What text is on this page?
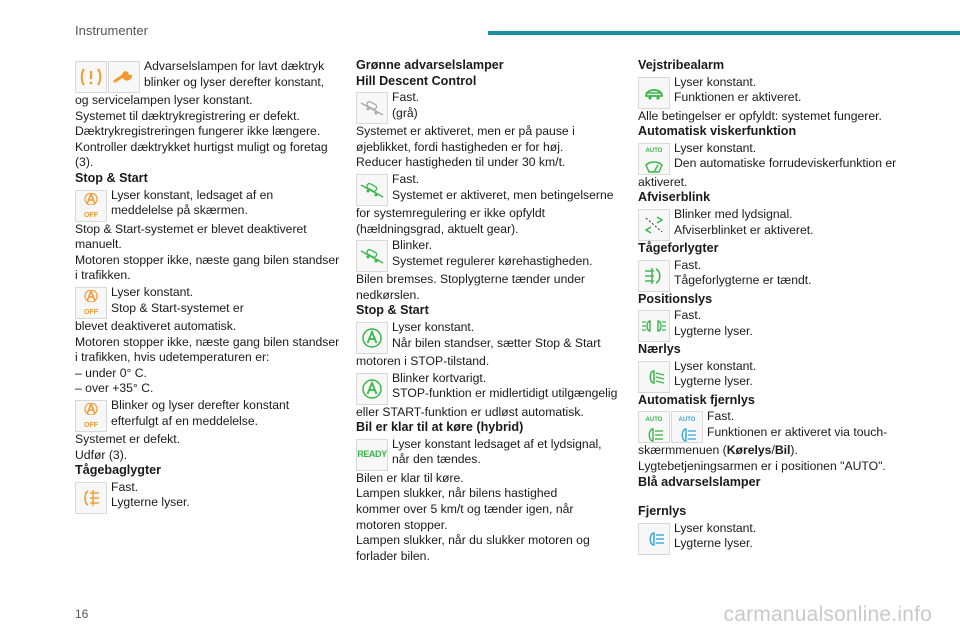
Instrumenter

Advarselslampen for lavt dæktryk

blinker og lyser derefter konstant,

og servicelampen lyser konstant.

Systemet til dæktrykregistrering er defekt.

Dæktrykregistreringen fungerer ikke længere.

Kontroller dæktrykket hurtigst muligt og foretag

(3).

Stop & Start

OFF

Lyser konstant, ledsaget af en

meddelelse på skærmen.

Stop & Start-systemet er blevet deaktiveret

manuelt.

Motoren stopper ikke, næste gang bilen standser

i trafikken.

OFF

Lyser konstant.

Stop & Start-systemet er

blevet deaktiveret automatisk.

Motoren stopper ikke, næste gang bilen standser

i trafikken, hvis udetemperaturen er:

– under 0° C.

– over +35° C.

OFF

Blinker og lyser derefter konstant

efterfulgt af en meddelelse.

Systemet er defekt.

Udfør (3).

Tågebaglygter

Fast.

Lygterne lyser.

Grønne advarselslamper

Hill Descent Control

Fast.

(grå)

Systemet er aktiveret, men er på pause i

øjeblikket, fordi hastigheden er for høj.

Reducer hastigheden til under 30 km/t.

Fast.

Systemet er aktiveret, men betingelserne

for systemregulering er ikke opfyldt

(hældningsgrad, aktuelt gear).

Blinker.

Systemet regulerer kørehastigheden.

Bilen bremses. Stoplygterne tænder under

nedkørslen.

Stop & Start

Lyser konstant.

Når bilen standser, sætter Stop & Start

motoren i STOP-tilstand.

Blinker kortvarigt.

STOP-funktion er midlertidigt utilgængelig

eller START-funktion er udløst automatisk.

Bil er klar til at køre (hybrid)

READY

Lyser konstant ledsaget af et lydsignal,

når den tændes.

Bilen er klar til køre.

Lampen slukker, når bilens hastighed

kommer over 5 km/t og tænder igen, når

motoren stopper.

Lampen slukker, når du slukker motoren og

forlader bilen.

Vejstribealarm

Lyser konstant.

Funktionen er aktiveret.

Alle betingelser er opfyldt: systemet fungerer.

Automatisk viskerfunktion

AUTO Lyser konstant.

Den automatiske forrudeviskerfunktion er

aktiveret.

Afviserblink

Blinker med lydsignal.

Afviserblinket er aktiveret.

Tågeforlygter

Fast.

Tågeforlygterne er tændt.

Positionslys

Fast.

Lygterne lyser.

Nærlys

Lyser konstant.

Lygterne lyser.

Automatisk fjernlys

AUTO	AUTO Fast.

Funktionen er aktiveret via touch-

skærmmenuen (Kørelys/Bil).

Lygtebetjeningsarmen er i positionen "AUTO".

Blå advarselslamper

Fjernlys

Lyser konstant.

Lygterne lyser.

16	carmanualsonline.info
